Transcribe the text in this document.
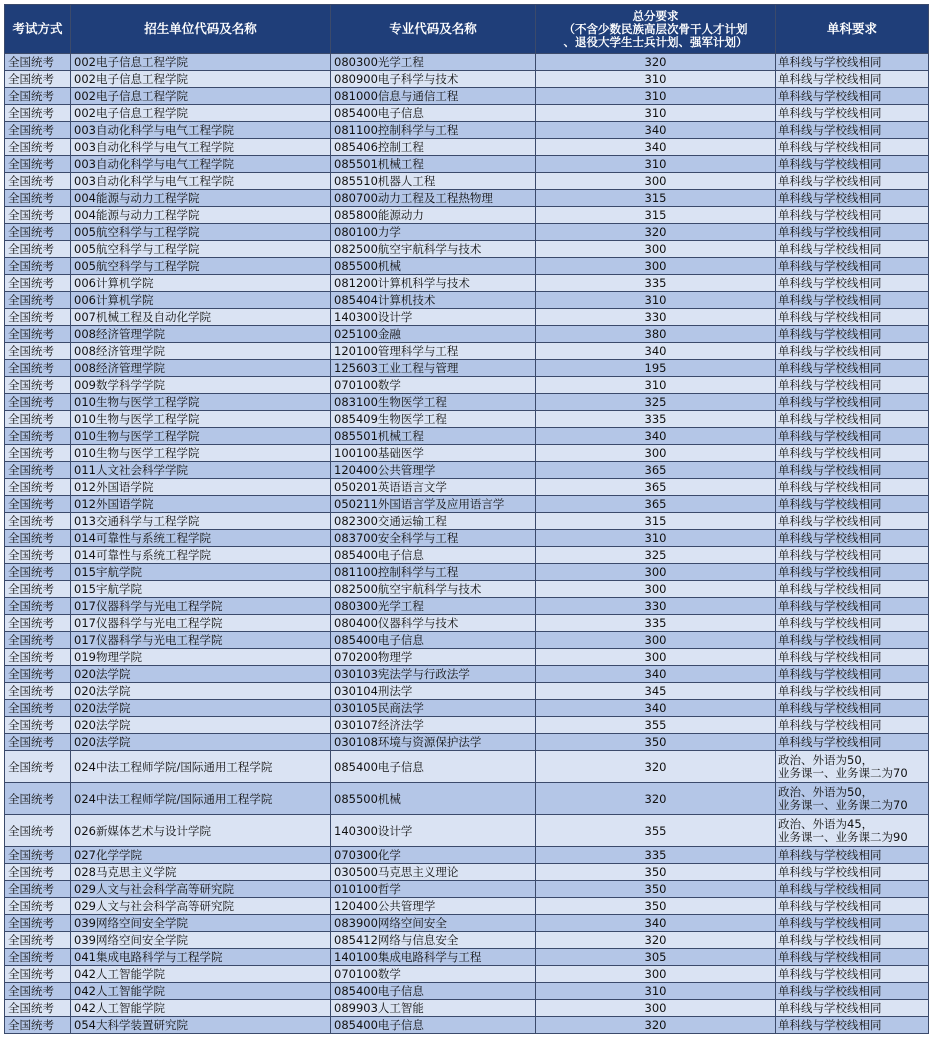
考试方式	招生单位代码及名称	专业代码及名称	总分要求
（不含少数民族高层次骨干人才计划
、退役大学生士兵计划、强军计划）	单科要求
全国统考	002电子信息工程学院	080300光学工程	320	单科线与学校线相同

全国统考	002电子信息工程学院	080900电子科学与技术	310	单科线与学校线相同

全国统考	002电子信息工程学院	081000信息与通信工程	310	单科线与学校线相同

全国统考	002电子信息工程学院	085400电子信息	310	单科线与学校线相同

全国统考	003自动化科学与电气工程学院	081100控制科学与工程	340	单科线与学校线相同

全国统考	003自动化科学与电气工程学院	085406控制工程	340	单科线与学校线相同

全国统考	003自动化科学与电气工程学院	085501机械工程	310	单科线与学校线相同

全国统考	003自动化科学与电气工程学院	085510机器人工程	300	单科线与学校线相同

全国统考	004能源与动力工程学院	080700动力工程及工程热物理	315	单科线与学校线相同

全国统考	004能源与动力工程学院	085800能源动力	315	单科线与学校线相同

全国统考	005航空科学与工程学院	080100力学	320	单科线与学校线相同

全国统考	005航空科学与工程学院	082500航空宇航科学与技术	300	单科线与学校线相同

全国统考	005航空科学与工程学院	085500机械	300	单科线与学校线相同

全国统考	006计算机学院	081200计算机科学与技术	335	单科线与学校线相同

全国统考	006计算机学院	085404计算机技术	310	单科线与学校线相同

全国统考	007机械工程及自动化学院	140300设计学	330	单科线与学校线相同

全国统考	008经济管理学院	025100金融	380	单科线与学校线相同

全国统考	008经济管理学院	120100管理科学与工程	340	单科线与学校线相同

全国统考	008经济管理学院	125603工业工程与管理	195	单科线与学校线相同

全国统考	009数学科学学院	070100数学	310	单科线与学校线相同

全国统考	010生物与医学工程学院	083100生物医学工程	325	单科线与学校线相同

全国统考	010生物与医学工程学院	085409生物医学工程	335	单科线与学校线相同

全国统考	010生物与医学工程学院	085501机械工程	340	单科线与学校线相同

全国统考	010生物与医学工程学院	100100基础医学	300	单科线与学校线相同

全国统考	011人文社会科学学院	120400公共管理学	365	单科线与学校线相同

全国统考	012外国语学院	050201英语语言文学	365	单科线与学校线相同

全国统考	012外国语学院	050211外国语言学及应用语言学	365	单科线与学校线相同

全国统考	013交通科学与工程学院	082300交通运输工程	315	单科线与学校线相同

全国统考	014可靠性与系统工程学院	083700安全科学与工程	310	单科线与学校线相同

全国统考	014可靠性与系统工程学院	085400电子信息	325	单科线与学校线相同

全国统考	015宇航学院	081100控制科学与工程	300	单科线与学校线相同

全国统考	015宇航学院	082500航空宇航科学与技术	300	单科线与学校线相同

全国统考	017仪器科学与光电工程学院	080300光学工程	330	单科线与学校线相同

全国统考	017仪器科学与光电工程学院	080400仪器科学与技术	335	单科线与学校线相同

全国统考	017仪器科学与光电工程学院	085400电子信息	300	单科线与学校线相同

全国统考	019物理学院	070200物理学	300	单科线与学校线相同

全国统考	020法学院	030103宪法学与行政法学	340	单科线与学校线相同

全国统考	020法学院	030104刑法学	345	单科线与学校线相同

全国统考	020法学院	030105民商法学	340	单科线与学校线相同

全国统考	020法学院	030107经济法学	355	单科线与学校线相同

全国统考	020法学院	030108环境与资源保护法学	350	单科线与学校线相同

全国统考	024中法工程师学院/国际通用工程学院	085400电子信息	320	政治、外语为50，
业务课一、业务课二为70

全国统考	024中法工程师学院/国际通用工程学院	085500机械	320	政治、外语为50，
业务课一、业务课二为70

全国统考	026新媒体艺术与设计学院	140300设计学	355	政治、外语为45，
业务课一、业务课二为90

全国统考	027化学学院	070300化学	335	单科线与学校线相同

全国统考	028马克思主义学院	030500马克思主义理论	350	单科线与学校线相同

全国统考	029人文与社会科学高等研究院	010100哲学	350	单科线与学校线相同

全国统考	029人文与社会科学高等研究院	120400公共管理学	350	单科线与学校线相同

全国统考	039网络空间安全学院	083900网络空间安全	340	单科线与学校线相同

全国统考	039网络空间安全学院	085412网络与信息安全	320	单科线与学校线相同

全国统考	041集成电路科学与工程学院	140100集成电路科学与工程	305	单科线与学校线相同

全国统考	042人工智能学院	070100数学	300	单科线与学校线相同

全国统考	042人工智能学院	085400电子信息	310	单科线与学校线相同

全国统考	042人工智能学院	089903人工智能	300	单科线与学校线相同

全国统考	054大科学装置研究院	085400电子信息	320	单科线与学校线相同
